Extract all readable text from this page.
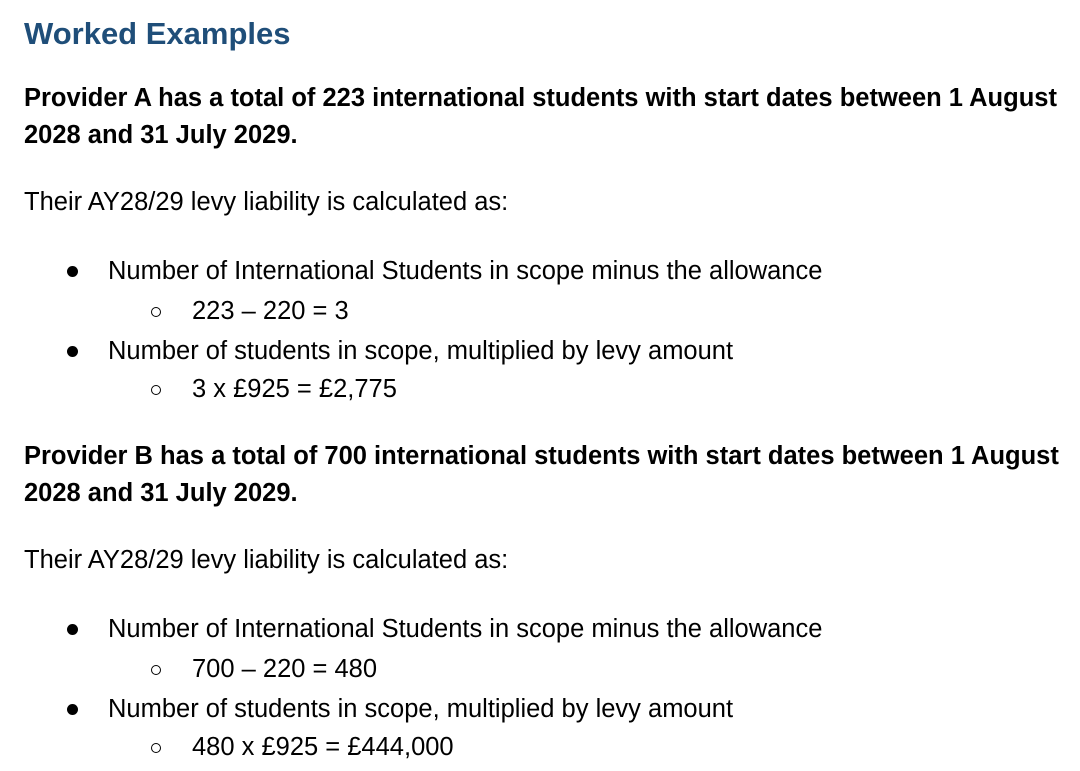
Worked Examples

Provider A has a total of 223 international students with start dates between 1 August 2028 and 31 July 2029.

Their AY28/29 levy liability is calculated as:

Number of International Students in scope minus the allowance
223 – 220 = 3
Number of students in scope, multiplied by levy amount
3 x £925 = £2,775

Provider B has a total of 700 international students with start dates between 1 August 2028 and 31 July 2029.

Their AY28/29 levy liability is calculated as:

Number of International Students in scope minus the allowance
700 – 220 = 480
Number of students in scope, multiplied by levy amount
480 x £925 = £444,000
